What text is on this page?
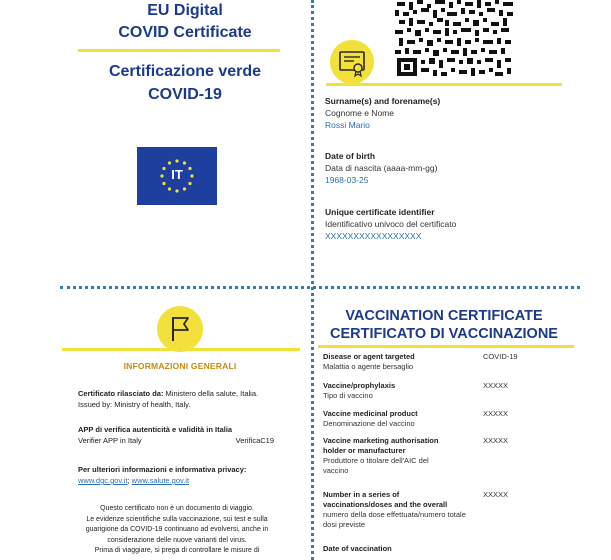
EU Digital
COVID Certificate
Certificazione verde
COVID-19
IT
Surname(s) and forename(s)
Cognome e Nome
Rossi Mario
Date of birth
Data di nascita (aaaa-mm-gg)
1968-03-25
Unique certificate identifier
Identificativo univoco del certificato
XXXXXXXXXXXXXXXXX
INFORMAZIONI GENERALI
Certificato rilasciato da: Ministero della salute, Italia.
Issued by: Ministry of health, Italy.
APP di verifica autenticità e validità in Italia
Verifier APP in Italy	VerificaC19
Per ulteriori informazioni e informativa privacy:
www.dgc.gov.it; www.salute.gov.it
Questo certificato non è un documento di viaggio.
Le evidenze scientifiche sulla vaccinazione, sui test e sulla
guarigione da COVID-19 continuano ad evolversi, anche in
considerazione delle nuove varianti del virus.
Prima di viaggiare, si prega di controllare le misure di
VACCINATION CERTIFICATE
CERTIFICATO DI VACCINAZIONE
Disease or agent targeted
Malattia o agente bersaglio
COVID-19
Vaccine/prophylaxis
Tipo di vaccino
XXXXX
Vaccine medicinal product
Denominazione del vaccino
XXXXX
Vaccine marketing authorisation holder or manufacturer
Produttore o titolare dell'AIC del vaccino
XXXXX
Number in a series of vaccinations/doses and the overall
numero della dose effettuata/numero totale dosi previste
XXXXX
Date of vaccination
